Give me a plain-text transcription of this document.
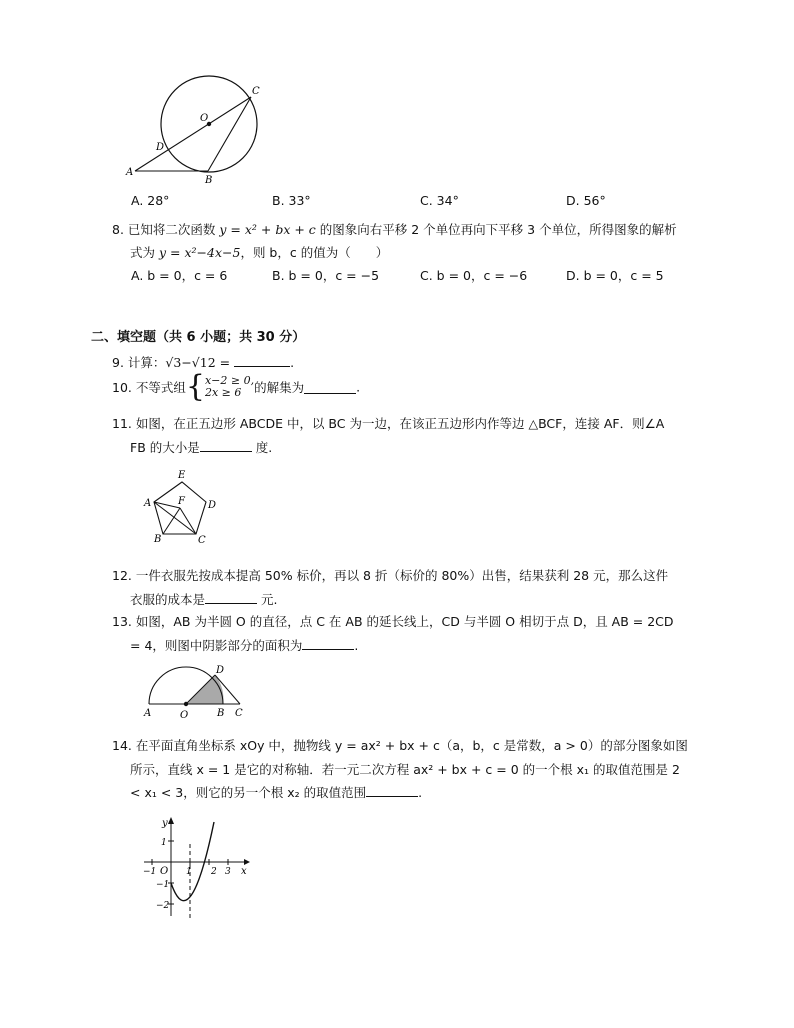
O
C
D
A
B
A. 28°	B. 33°	C. 34°	D. 56°
8. 已知将二次函数 y = x² + bx + c 的图象向右平移 2 个单位再向下平移 3 个单位，所得图象的解析
式为 y = x²−4x−5，则 b，c 的值为（　　）
A. b = 0，c = 6	B. b = 0，c = −5	C. b = 0，c = −6	D. b = 0，c = 5
二、填空题（共 6 小题；共 30 分）
9. 计算：√3−√12 =	.
10. 不等式组{ x−2 ≥ 0,
2x ≥ 6	的解集为	.
11. 如图，在正五边形 ABCDE 中，以 BC 为一边，在该正五边形内作等边 △BCF，连接 AF．则∠A
FB 的大小是	度.
E
A	F D
B	C
12. 一件衣服先按成本提高 50% 标价，再以 8 折（标价的 80%）出售，结果获利 28 元，那么这件
衣服的成本是	元.
13. 如图，AB 为半圆 O 的直径，点 C 在 AB 的延长线上，CD 与半圆 O 相切于点 D，且 AB = 2CD
= 4，则图中阴影部分的面积为	.
D
A	O	B C
14. 在平面直角坐标系 xOy 中，抛物线 y = ax² + bx + c（a，b，c 是常数，a > 0）的部分图象如图
所示，直线 x = 1 是它的对称轴．若一元二次方程 ax² + bx + c = 0 的一个根 x₁ 的取值范围是 2
< x₁ < 3，则它的另一个根 x₂ 的取值范围	.
y
x
O
−1	1 2 3
1
−1
−2
